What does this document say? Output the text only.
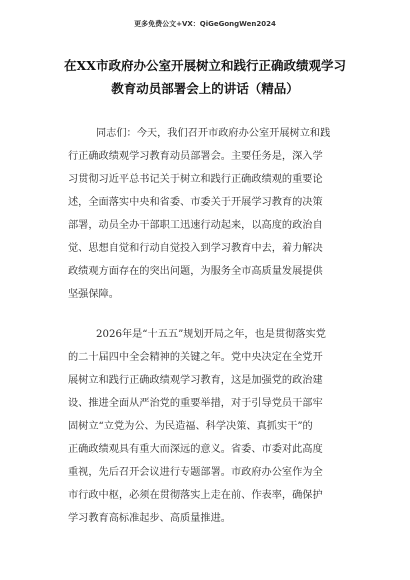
更多免费公文+VX：QiGeGongWen2024
在XX市政府办公室开展树立和践行正确政绩观学习
教育动员部署会上的讲话（精品）
同志们：今天，我们召开市政府办公室开展树立和践
行正确政绩观学习教育动员部署会。主要任务是，深入学
习贯彻习近平总书记关于树立和践行正确政绩观的重要论
述，全面落实中央和省委、市委关于开展学习教育的决策
部署，动员全办干部职工迅速行动起来，以高度的政治自
觉、思想自觉和行动自觉投入到学习教育中去，着力解决
政绩观方面存在的突出问题，为服务全市高质量发展提供
坚强保障。
2026年是“十五五”规划开局之年，也是贯彻落实党
的二十届四中全会精神的关键之年。党中央决定在全党开
展树立和践行正确政绩观学习教育，这是加强党的政治建
设、推进全面从严治党的重要举措，对于引导党员干部牢
固树立“立党为公、为民造福、科学决策、真抓实干”的
正确政绩观具有重大而深远的意义。省委、市委对此高度
重视，先后召开会议进行专题部署。市政府办公室作为全
市行政中枢，必须在贯彻落实上走在前、作表率，确保护
学习教育高标准起步、高质量推进。
